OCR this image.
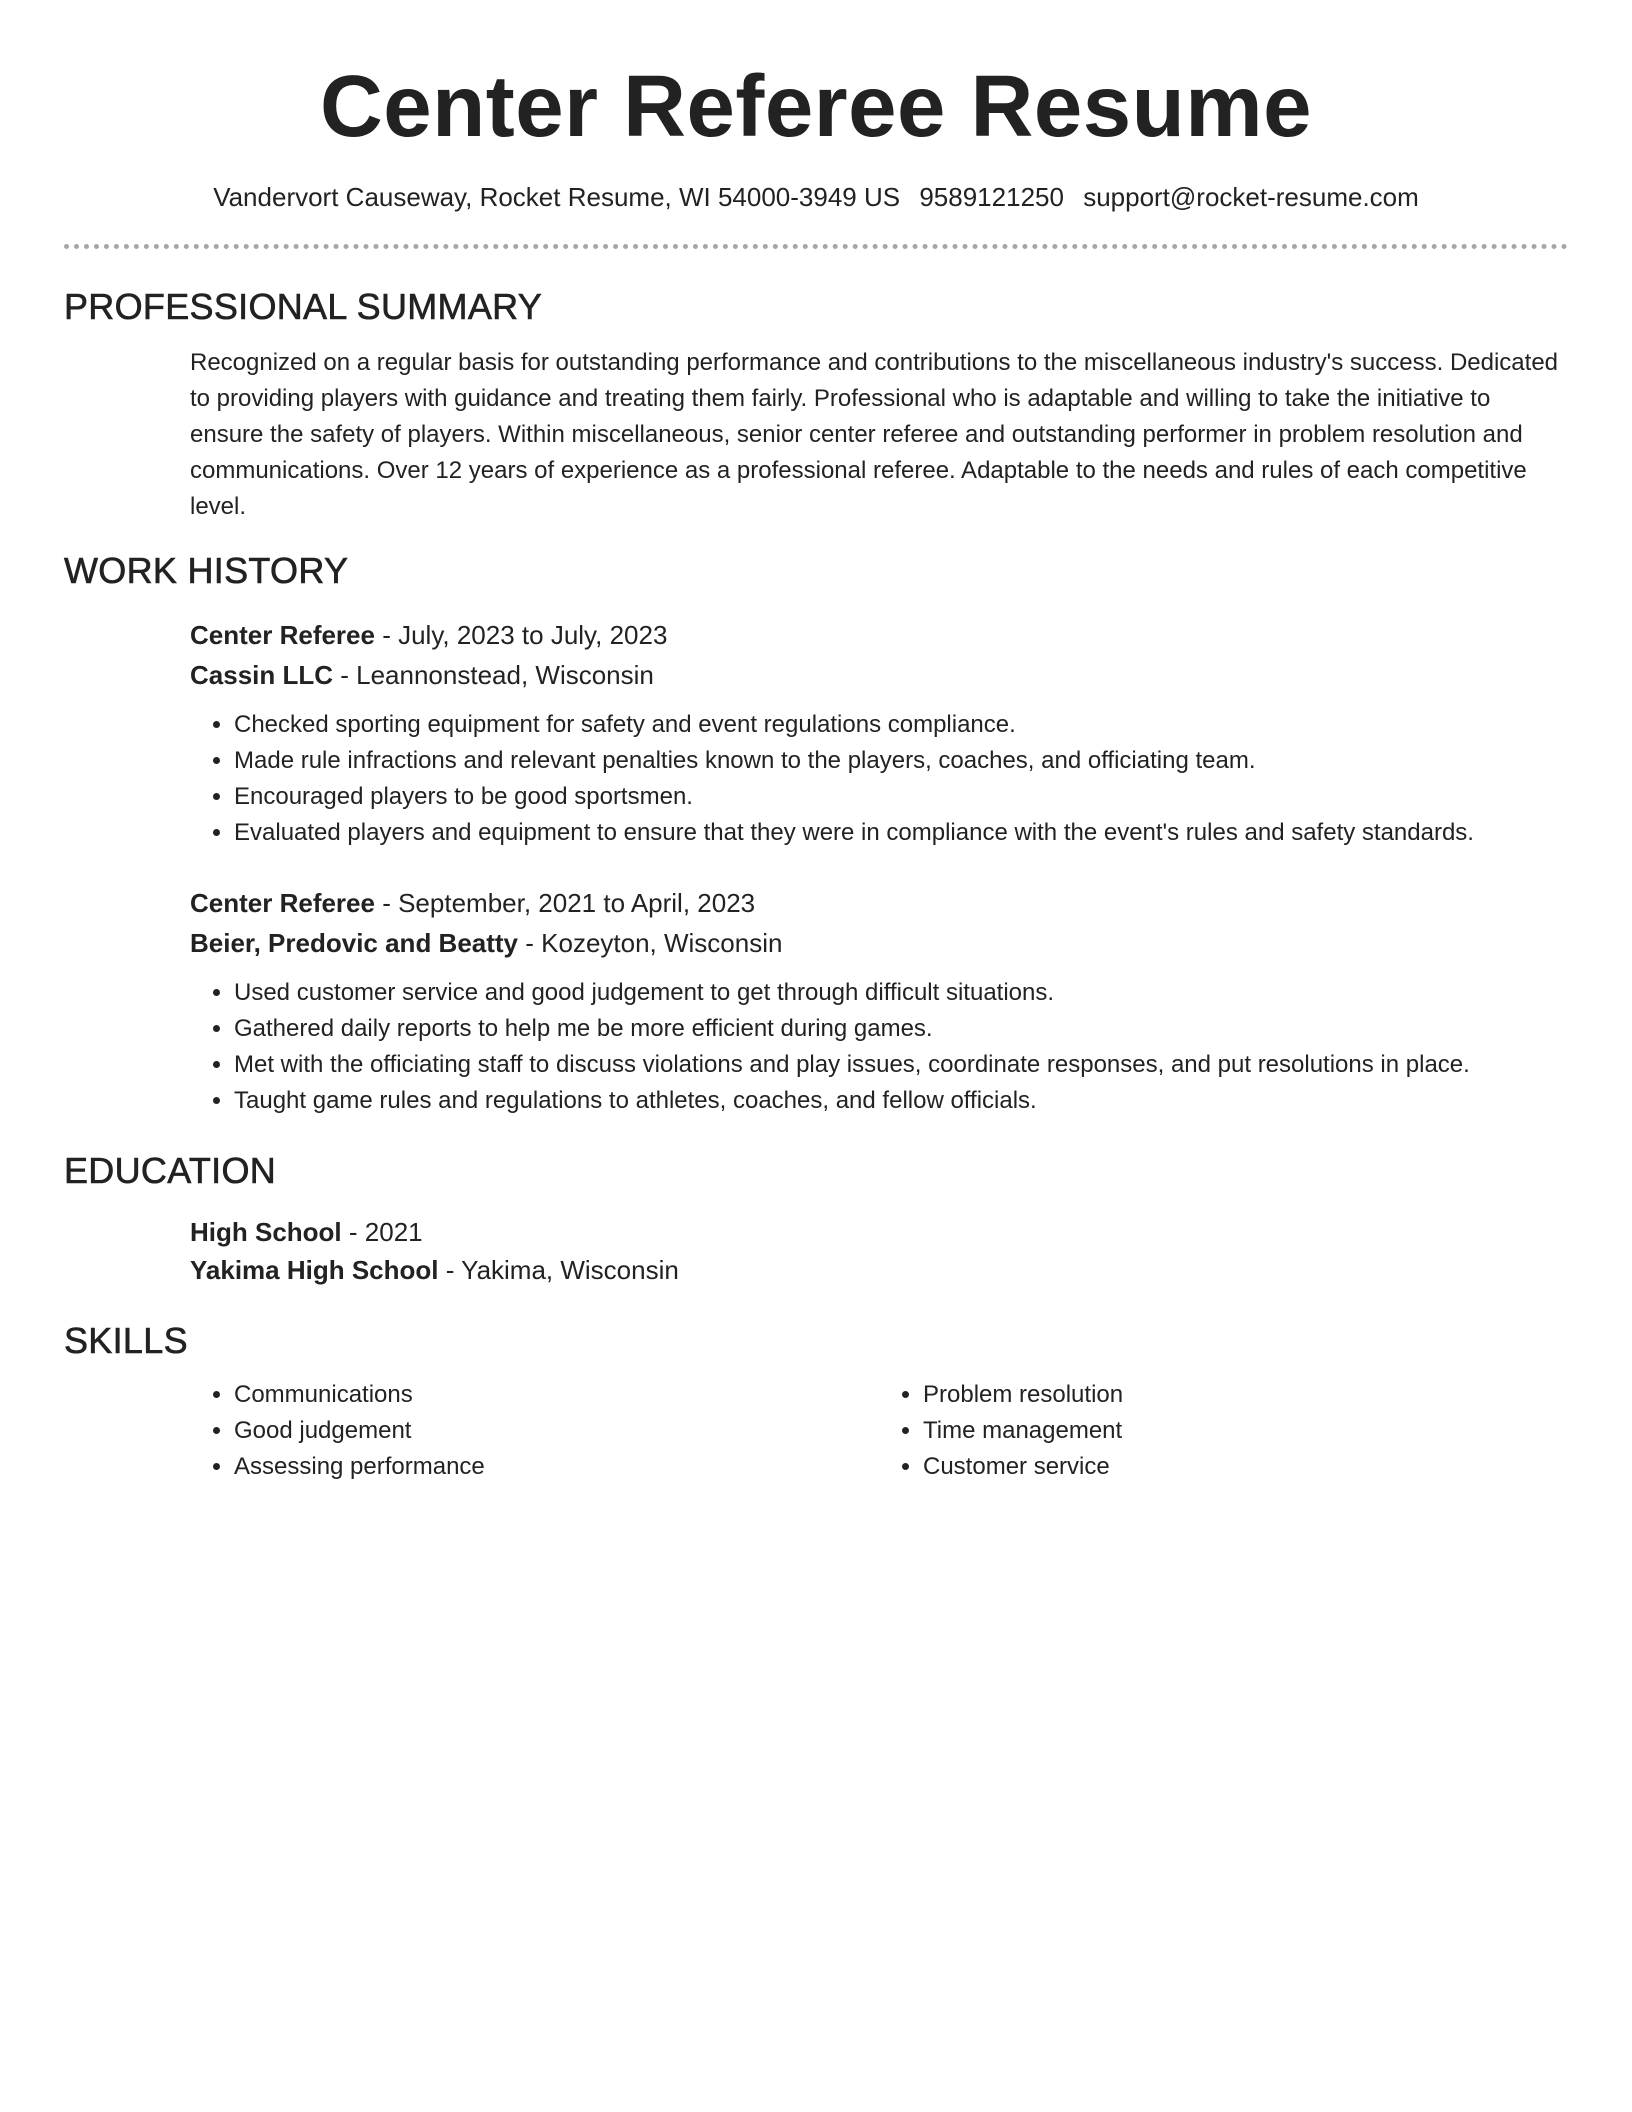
Center Referee Resume
Vandervort Causeway, Rocket Resume, WI 54000-3949 US 9589121250 support@rocket-resume.com
PROFESSIONAL SUMMARY

Recognized on a regular basis for outstanding performance and contributions to the miscellaneous industry's success. Dedicated to providing players with guidance and treating them fairly. Professional who is adaptable and willing to take the initiative to ensure the safety of players. Within miscellaneous, senior center referee and outstanding performer in problem resolution and communications. Over 12 years of experience as a professional referee. Adaptable to the needs and rules of each competitive level.

WORK HISTORY
Center Referee - July, 2023 to July, 2023
Cassin LLC - Leannonstead, Wisconsin
• Checked sporting equipment for safety and event regulations compliance.
• Made rule infractions and relevant penalties known to the players, coaches, and officiating team.
• Encouraged players to be good sportsmen.
• Evaluated players and equipment to ensure that they were in compliance with the event's rules and safety standards.
Center Referee - September, 2021 to April, 2023
Beier, Predovic and Beatty - Kozeyton, Wisconsin
• Used customer service and good judgement to get through difficult situations.
• Gathered daily reports to help me be more efficient during games.
• Met with the officiating staff to discuss violations and play issues, coordinate responses, and put resolutions in place.
• Taught game rules and regulations to athletes, coaches, and fellow officials.
EDUCATION
High School - 2021
Yakima High School - Yakima, Wisconsin
SKILLS
• Communications
• Good judgement
• Assessing performance
• Problem resolution
• Time management
• Customer service
